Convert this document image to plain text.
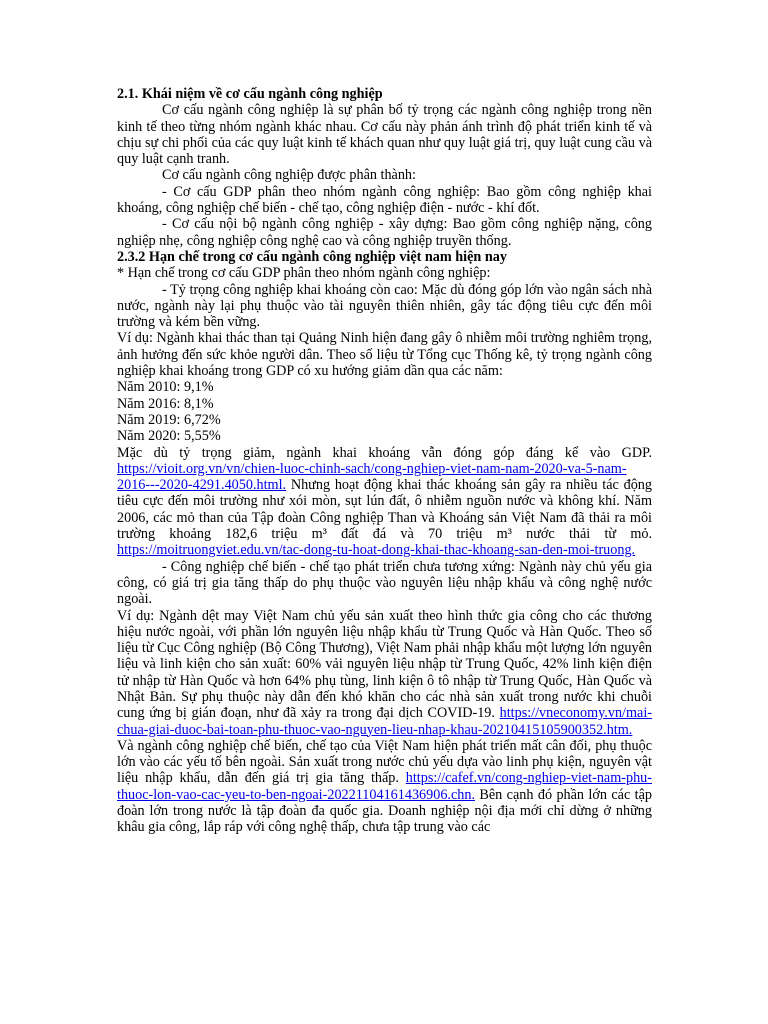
2.1. Khái niệm về cơ cấu ngành công nghiệp

Cơ cấu ngành công nghiệp là sự phân bố tỷ trọng các ngành công nghiệp trong nền kinh tế theo từng nhóm ngành khác nhau. Cơ cấu này phản ánh trình độ phát triển kinh tế và chịu sự chi phối của các quy luật kinh tế khách quan như quy luật giá trị, quy luật cung cầu và quy luật cạnh tranh.

Cơ cấu ngành công nghiệp được phân thành:

- Cơ cấu GDP phân theo nhóm ngành công nghiệp: Bao gồm công nghiệp khai khoáng, công nghiệp chế biến - chế tạo, công nghiệp điện - nước - khí đốt.

- Cơ cấu nội bộ ngành công nghiệp - xây dựng: Bao gồm công nghiệp nặng, công nghiệp nhẹ, công nghiệp công nghệ cao và công nghiệp truyền thống.

2.3.2 Hạn chế trong cơ cấu ngành công nghiệp việt nam hiện nay

* Hạn chế trong cơ cấu GDP phân theo nhóm ngành công nghiệp:

- Tỷ trọng công nghiệp khai khoáng còn cao: Mặc dù đóng góp lớn vào ngân sách nhà nước, ngành này lại phụ thuộc vào tài nguyên thiên nhiên, gây tác động tiêu cực đến môi trường và kém bền vững.

Ví dụ: Ngành khai thác than tại Quảng Ninh hiện đang gây ô nhiễm môi trường nghiêm trọng, ảnh hưởng đến sức khỏe người dân. Theo số liệu từ Tổng cục Thống kê, tỷ trọng ngành công nghiệp khai khoáng trong GDP có xu hướng giảm dần qua các năm:

Năm 2010: 9,1%

Năm 2016: 8,1%

Năm 2019: 6,72%

Năm 2020: 5,55%

Mặc dù tỷ trọng giảm, ngành khai khoáng vẫn đóng góp đáng kể vào GDP. https://vioit.org.vn/vn/chien-luoc-chinh-sach/cong-nghiep-viet-nam-nam-2020-va-5-nam-2016---2020-4291.4050.html. Nhưng hoạt động khai thác khoáng sản gây ra nhiều tác động tiêu cực đến môi trường như xói mòn, sụt lún đất, ô nhiễm nguồn nước và không khí. Năm 2006, các mỏ than của Tập đoàn Công nghiệp Than và Khoáng sản Việt Nam đã thải ra môi trường khoảng 182,6 triệu m³ đất đá và 70 triệu m³ nước thải từ mỏ. https://moitruongviet.edu.vn/tac-dong-tu-hoat-dong-khai-thac-khoang-san-den-moi-truong.

- Công nghiệp chế biến - chế tạo phát triển chưa tương xứng: Ngành này chủ yếu gia công, có giá trị gia tăng thấp do phụ thuộc vào nguyên liệu nhập khẩu và công nghệ nước ngoài.

Ví dụ: Ngành dệt may Việt Nam chủ yếu sản xuất theo hình thức gia công cho các thương hiệu nước ngoài, với phần lớn nguyên liệu nhập khẩu từ Trung Quốc và Hàn Quốc. Theo số liệu từ Cục Công nghiệp (Bộ Công Thương), Việt Nam phải nhập khẩu một lượng lớn nguyên liệu và linh kiện cho sản xuất: 60% vải nguyên liệu nhập từ Trung Quốc, 42% linh kiện điện tử nhập từ Hàn Quốc và hơn 64% phụ tùng, linh kiện ô tô nhập từ Trung Quốc, Hàn Quốc và Nhật Bản. Sự phụ thuộc này dẫn đến khó khăn cho các nhà sản xuất trong nước khi chuỗi cung ứng bị gián đoạn, như đã xảy ra trong đại dịch COVID-19. https://vneconomy.vn/mai-chua-giai-duoc-bai-toan-phu-thuoc-vao-nguyen-lieu-nhap-khau-20210415105900352.htm. Và ngành công nghiệp chế biến, chế tạo của Việt Nam hiện phát triển mất cân đối, phụ thuộc lớn vào các yếu tố bên ngoài. Sản xuất trong nước chủ yếu dựa vào linh phụ kiện, nguyên vật liệu nhập khẩu, dẫn đến giá trị gia tăng thấp. https://cafef.vn/cong-nghiep-viet-nam-phu-thuoc-lon-vao-cac-yeu-to-ben-ngoai-20221104161436906.chn. Bên cạnh đó phần lớn các tập đoàn lớn trong nước là tập đoàn đa quốc gia. Doanh nghiệp nội địa mới chỉ dừng ở những khâu gia công, lắp ráp với công nghệ thấp, chưa tập trung vào các
